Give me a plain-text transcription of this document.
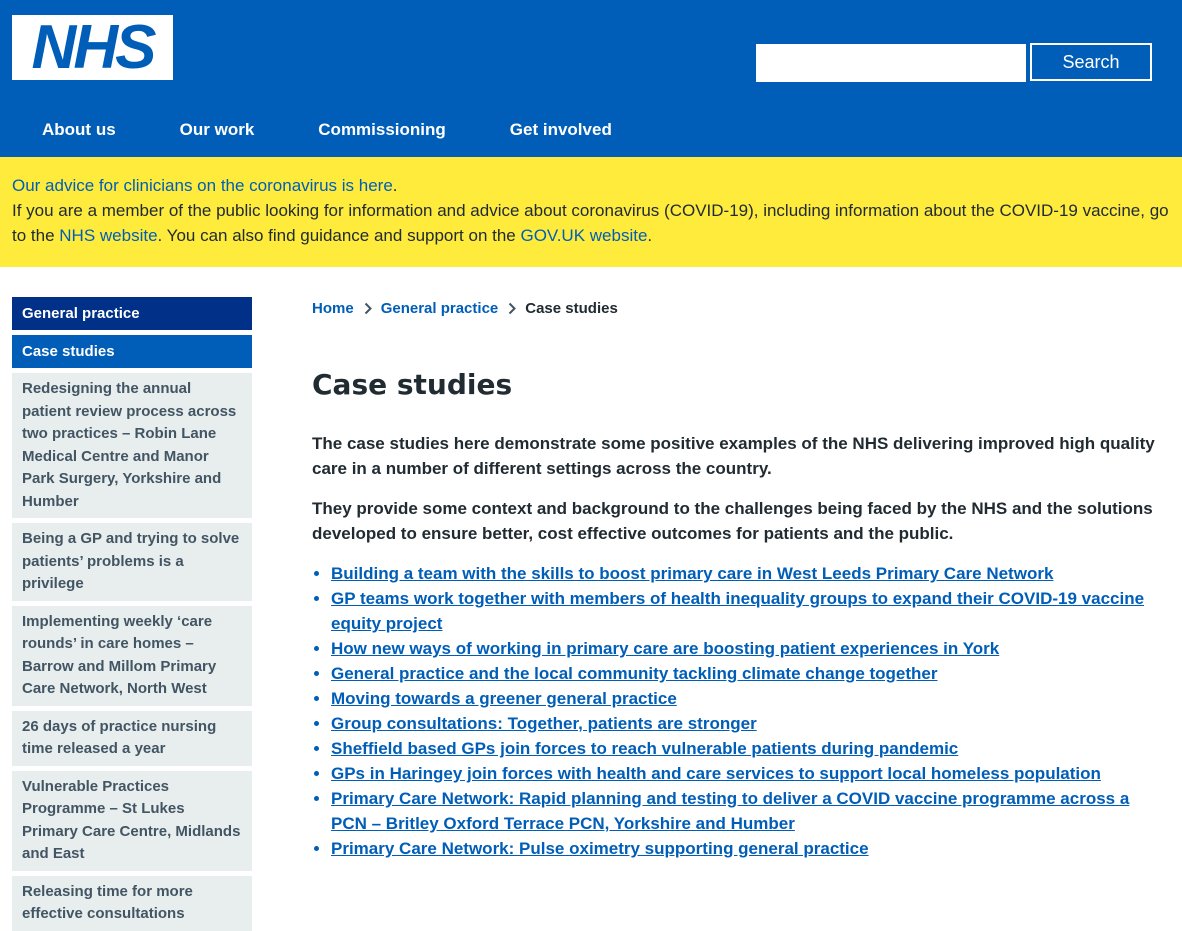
NHS	Search
About us	Our work	Commissioning	Get involved
Our advice for clinicians on the coronavirus is here.
If you are a member of the public looking for information and advice about coronavirus (COVID-19), including information about the COVID-19 vaccine, go to the NHS website. You can also find guidance and support on the GOV.UK website.
General practice
Case studies
Redesigning the annual patient review process across two practices – Robin Lane Medical Centre and Manor Park Surgery, Yorkshire and Humber
Being a GP and trying to solve patients’ problems is a privilege
Implementing weekly ‘care rounds’ in care homes – Barrow and Millom Primary Care Network, North West
26 days of practice nursing time released a year
Vulnerable Practices Programme – St Lukes Primary Care Centre, Midlands and East
Releasing time for more effective consultations
Home General practice Case studies
Case studies

The case studies here demonstrate some positive examples of the NHS delivering improved high quality care in a number of different settings across the country.

They provide some context and background to the challenges being faced by the NHS and the solutions developed to ensure better, cost effective outcomes for patients and the public.

• Building a team with the skills to boost primary care in West Leeds Primary Care Network
• GP teams work together with members of health inequality groups to expand their COVID-19 vaccine equity project
• How new ways of working in primary care are boosting patient experiences in York
• General practice and the local community tackling climate change together
• Moving towards a greener general practice
• Group consultations: Together, patients are stronger
• Sheffield based GPs join forces to reach vulnerable patients during pandemic
• GPs in Haringey join forces with health and care services to support local homeless population
• Primary Care Network: Rapid planning and testing to deliver a COVID vaccine programme across a PCN – Britley Oxford Terrace PCN, Yorkshire and Humber
• Primary Care Network: Pulse oximetry supporting general practice
